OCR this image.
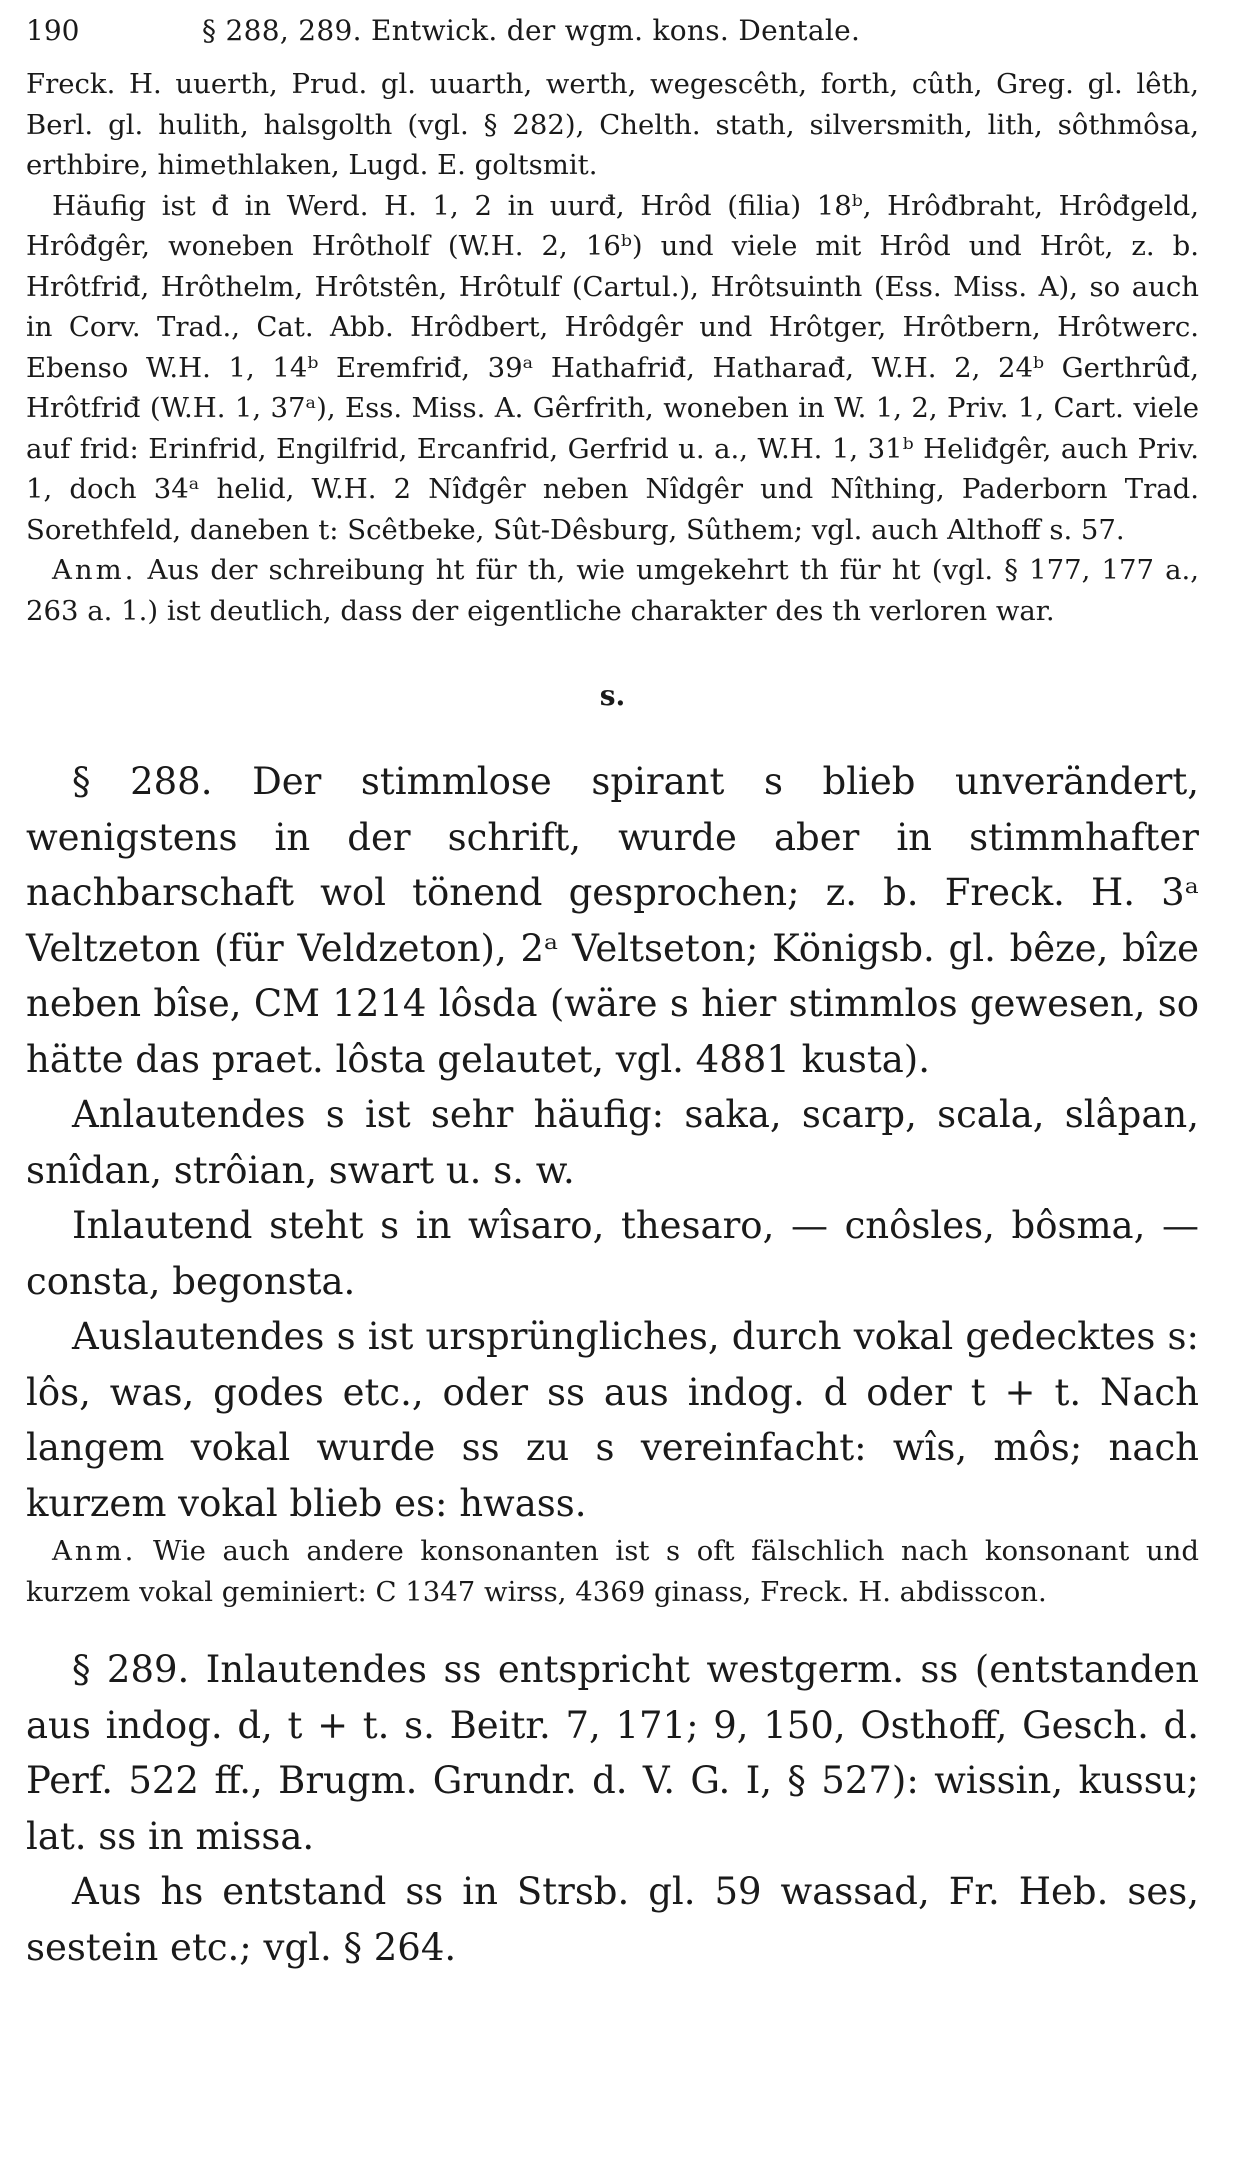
190	§ 288, 289. Entwick. der wgm. kons. Dentale.

Freck. H. uuerth, Prud. gl. uuarth, werth, wegescêth, forth, cûth, Greg. gl. lêth, Berl. gl. hulith, halsgolth (vgl. § 282), Chelth. stath, silversmith, lith, sôthmôsa, erthbire, himethlaken, Lugd. E. goltsmit.

Häufig ist đ in Werd. H. 1, 2 in uurđ, Hrôd (filia) 18ᵇ, Hrôđbraht, Hrôđgeld, Hrôđgêr, woneben Hrôtholf (W.H. 2, 16ᵇ) und viele mit Hrôd und Hrôt, z. b. Hrôtfriđ, Hrôthelm, Hrôtstên, Hrôtulf (Cartul.), Hrôtsuinth (Ess. Miss. A), so auch in Corv. Trad., Cat. Abb. Hrôdbert, Hrôdgêr und Hrôtger, Hrôtbern, Hrôtwerc. Ebenso W.H. 1, 14ᵇ Eremfriđ, 39ᵃ Hathafriđ, Hatharađ, W.H. 2, 24ᵇ Gerthrûđ, Hrôtfriđ (W.H. 1, 37ᵃ), Ess. Miss. A. Gêrfrith, woneben in W. 1, 2, Priv. 1, Cart. viele auf frid: Erinfrid, Engilfrid, Ercanfrid, Gerfrid u. a., W.H. 1, 31ᵇ Heliđgêr, auch Priv. 1, doch 34ᵃ helid, W.H. 2 Nîđgêr neben Nîdgêr und Nîthing, Paderborn Trad. Sorethfeld, daneben t: Scêtbeke, Sût-Dêsburg, Sûthem; vgl. auch Althoff s. 57.

Anm. Aus der schreibung ht für th, wie umgekehrt th für ht (vgl. § 177, 177 a., 263 a. 1.) ist deutlich, dass der eigentliche charakter des th verloren war.

s.

§ 288. Der stimmlose spirant s blieb unverändert, wenigstens in der schrift, wurde aber in stimmhafter nachbarschaft wol tönend gesprochen; z. b. Freck. H. 3ᵃ Veltzeton (für Veldzeton), 2ᵃ Veltseton; Königsb. gl. bêze, bîze neben bîse, CM 1214 lôsda (wäre s hier stimmlos gewesen, so hätte das praet. lôsta gelautet, vgl. 4881 kusta).

Anlautendes s ist sehr häufig: saka, scarp, scala, slâpan, snîdan, strôian, swart u. s. w.

Inlautend steht s in wîsaro, thesaro, — cnôsles, bôsma, — consta, begonsta.

Auslautendes s ist ursprüngliches, durch vokal gedecktes s: lôs, was, godes etc., oder ss aus indog. d oder t + t. Nach langem vokal wurde ss zu s vereinfacht: wîs, môs; nach kurzem vokal blieb es: hwass.

Anm. Wie auch andere konsonanten ist s oft fälschlich nach konsonant und kurzem vokal geminiert: C 1347 wirss, 4369 ginass, Freck. H. abdisscon.

§ 289. Inlautendes ss entspricht westgerm. ss (entstanden aus indog. d, t + t. s. Beitr. 7, 171; 9, 150, Osthoff, Gesch. d. Perf. 522 ff., Brugm. Grundr. d. V. G. I, § 527): wissin, kussu; lat. ss in missa.

Aus hs entstand ss in Strsb. gl. 59 wassad, Fr. Heb. ses, sestein etc.; vgl. § 264.
